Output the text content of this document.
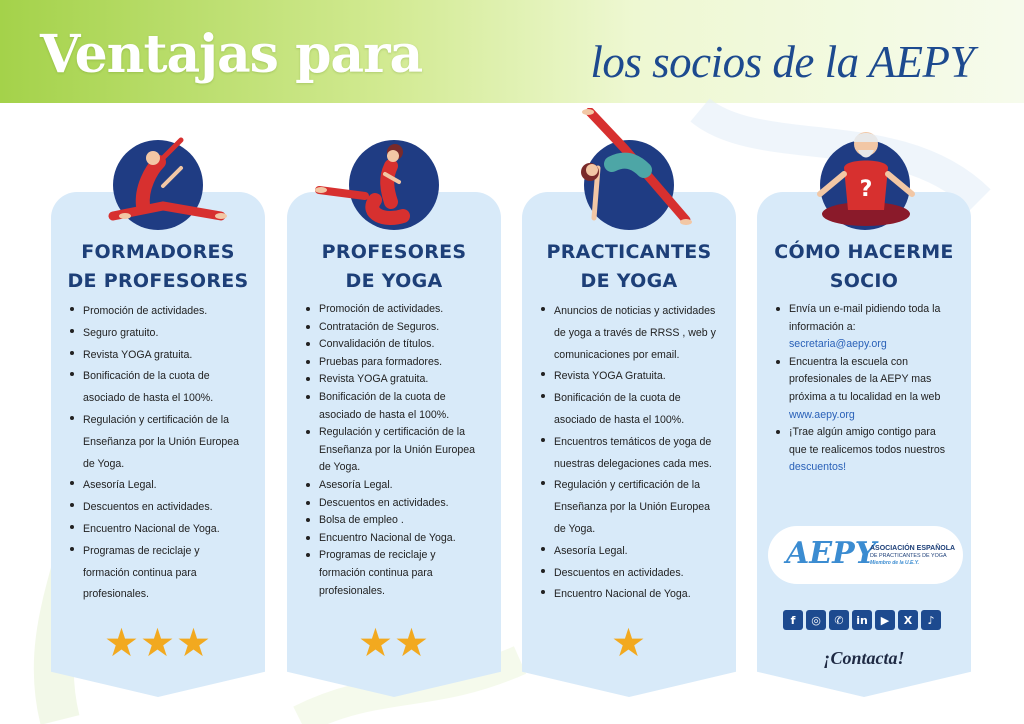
Ventajas para	los socios de la AEPY
FORMADORES
DE PROFESORES
Promoción de actividades.
Seguro gratuito.
Revista YOGA gratuita.
Bonificación de la cuota de
asociado de hasta el 100%.
Regulación y certificación de la
Enseñanza por la Unión Europea
de Yoga.
Asesoría Legal.
Descuentos en actividades.
Encuentro Nacional de Yoga.
Programas de reciclaje y
formación continua para
profesionales.
★★★
PROFESORES
DE YOGA
Promoción de actividades.
Contratación de Seguros.
Convalidación de títulos.
Pruebas para formadores.
Revista YOGA gratuita.
Bonificación de la cuota de
asociado de hasta el 100%.
Regulación y certificación de la
Enseñanza por la Unión Europea
de Yoga.
Asesoría Legal.
Descuentos en actividades.
Bolsa de empleo .
Encuentro Nacional de Yoga.
Programas de reciclaje y
formación continua para
profesionales.
★★
PRACTICANTES
DE YOGA
Anuncios de noticias y actividades
de yoga a través de RRSS , web y
comunicaciones por email.
Revista YOGA Gratuita.
Bonificación de la cuota de
asociado de hasta el 100%.
Encuentros temáticos de yoga de
nuestras delegaciones cada mes.
Regulación y certificación de la
Enseñanza por la Unión Europea
de Yoga.
Asesoría Legal.
Descuentos en actividades.
Encuentro Nacional de Yoga.
★
?
CÓMO HACERME
SOCIO
Envía un e-mail pidiendo toda la
información a:
secretaria@aepy.org
Encuentra la escuela con
profesionales de la AEPY mas
próxima a tu localidad en la web
www.aepy.org
¡Trae algún amigo contigo para
que te realicemos todos nuestros
descuentos!
AEPY
ASOCIACIÓN ESPAÑOLA
DE PRACTICANTES DE YOGA
Miembro de la U.E.Y.
f	◎	✆	in	▶	X	♪
¡Contacta!
